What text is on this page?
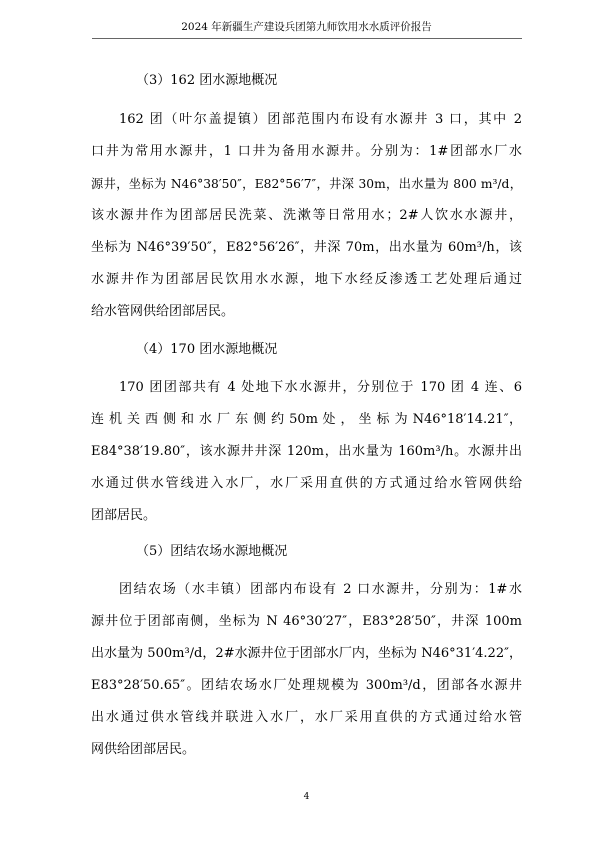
2024 年新疆生产建设兵团第九师饮用水水质评价报告
（3）162 团水源地概况
162 团（叶尔盖提镇）团部范围内布设有水源井 3 口，其中 2
口井为常用水源井，1 口井为备用水源井。分别为：1#团部水厂水
源井，坐标为 N46°38′50″，E82°56′7″，井深 30m，出水量为 800 m³/d，
该水源井作为团部居民洗菜、洗漱等日常用水；2#人饮水水源井，
坐标为 N46°39′50″，E82°56′26″，井深 70m，出水量为 60m³/h，该
水源井作为团部居民饮用水水源，地下水经反渗透工艺处理后通过
给水管网供给团部居民。
（4）170 团水源地概况
170 团团部共有 4 处地下水水源井，分别位于 170 团 4 连、6
连 机 关 西 侧 和 水 厂 东 侧 约 50m 处 ， 坐 标 为 N46°18′14.21″，
E84°38′19.80″，该水源井井深 120m，出水量为 160m³/h。水源井出
水通过供水管线进入水厂，水厂采用直供的方式通过给水管网供给
团部居民。
（5）团结农场水源地概况
团结农场（水丰镇）团部内布设有 2 口水源井，分别为：1#水
源井位于团部南侧，坐标为 N 46°30′27″，E83°28′50″，井深 100m
出水量为 500m³/d，2#水源井位于团部水厂内，坐标为 N46°31′4.22″，
E83°28′50.65″。团结农场水厂处理规模为 300m³/d，团部各水源井
出水通过供水管线并联进入水厂，水厂采用直供的方式通过给水管
网供给团部居民。
4
